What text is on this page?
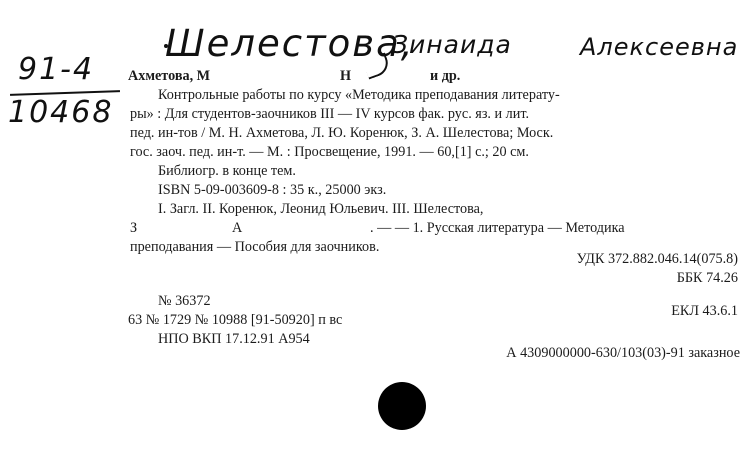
Шелестова,
Зинаида	Алексеевна
91-4
10468
Ахметова, М	Н	и др.
Контрольные работы по курсу «Методика преподавания литерату-
ры» : Для студентов-заочников III — IV курсов фак. рус. яз. и лит.
пед. ин-тов / М. Н. Ахметова, Л. Ю. Коренюк, З. А. Шелестова; Моск.
гос. заоч. пед. ин-т. — М. : Просвещение, 1991. — 60,[1] с.; 20 см.
Библиогр. в конце тем.
ISBN 5-09-003609-8 : 35 к., 25000 экз.
I. Загл. II. Коренюк, Леонид Юльевич. III. Шелестова,
З	А	. — — 1. Русская литература — Методика
преподавания — Пособия для заочников.
УДК 372.882.046.14(075.8)
ББК 74.26
№ 36372
63 № 1729 № 10988 [91-50920] п вс
ЕКЛ 43.6.1
НПО ВКП 17.12.91 А954
А 4309000000-630/103(03)-91 заказное
